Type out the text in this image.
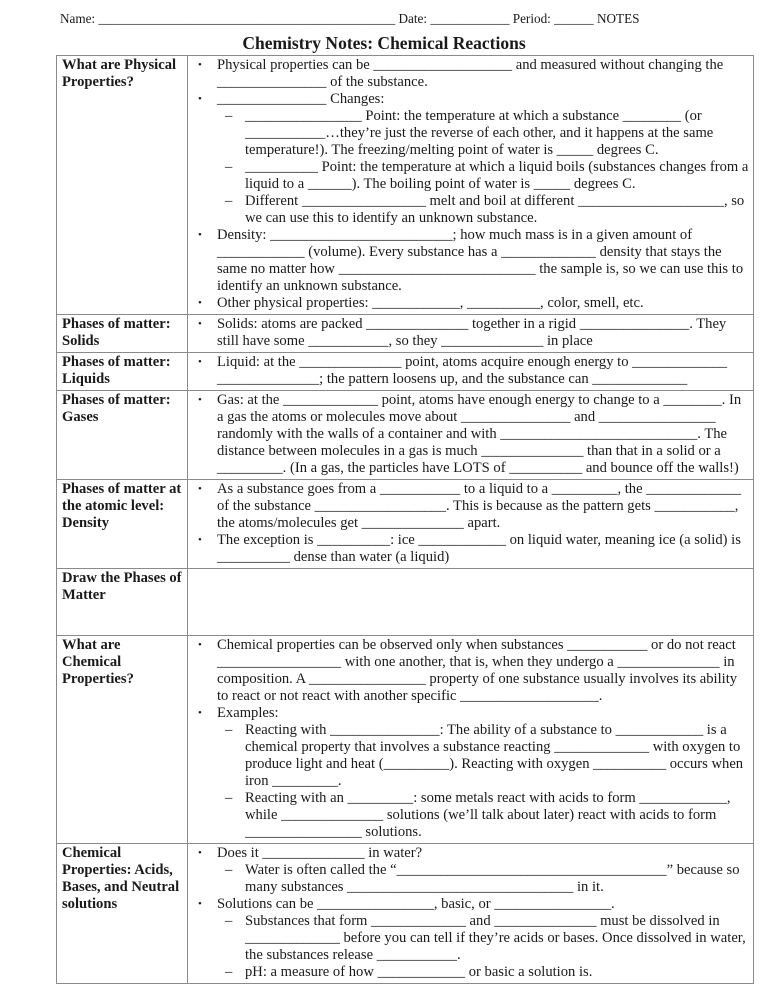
Name: _____________________________________________ Date: ____________ Period: ______ NOTES
Chemistry Notes: Chemical Reactions
What are Physical Properties?	
• Physical properties can be ___________________ and measured without changing the _______________ of the substance.
• _______________ Changes:
– ________________ Point: the temperature at which a substance ________ (or ___________…they’re just the reverse of each other, and it happens at the same temperature!). The freezing/melting point of water is _____ degrees C.
– __________ Point: the temperature at which a liquid boils (substances changes from a liquid to a ______). The boiling point of water is _____ degrees C.
– Different _________________ melt and boil at different ____________________, so we can use this to identify an unknown substance.
• Density: _________________________; how much mass is in a given amount of ____________ (volume). Every substance has a _____________ density that stays the same no matter how ___________________________ the sample is, so we can use this to identify an unknown substance.
• Other physical properties: ____________, __________, color, smell, etc.

Phases of matter: Solids	
• Solids: atoms are packed ______________ together in a rigid _______________. They still have some ___________, so they ______________ in place

Phases of matter: Liquids	
• Liquid: at the ______________ point, atoms acquire enough energy to _____________ ______________; the pattern loosens up, and the substance can _____________

Phases of matter: Gases	
• Gas: at the _____________ point, atoms have enough energy to change to a ________. In a gas the atoms or molecules move about _______________ and ________________ randomly with the walls of a container and with ___________________________. The distance between molecules in a gas is much ______________ than that in a solid or a _________. (In a gas, the particles have LOTS of __________ and bounce off the walls!)

Phases of matter at the atomic level: Density	
• As a substance goes from a ___________ to a liquid to a _________, the _____________ of the substance __________________. This is because as the pattern gets ___________, the atoms/molecules get ______________ apart.
• The exception is __________: ice ____________ on liquid water, meaning ice (a solid) is __________ dense than water (a liquid)

Draw the Phases of Matter	
What are Chemical Properties?	
• Chemical properties can be observed only when substances ___________ or do not react _________________ with one another, that is, when they undergo a ______________ in composition. A ________________ property of one substance usually involves its ability to react or not react with another specific ___________________.
• Examples:
– Reacting with _______________: The ability of a substance to ____________ is a chemical property that involves a substance reacting _____________ with oxygen to produce light and heat (_________). Reacting with oxygen __________ occurs when iron _________.
– Reacting with an _________: some metals react with acids to form ____________, while ______________ solutions (we’ll talk about later) react with acids to form ________________ solutions.

Chemical Properties: Acids, Bases, and Neutral solutions	
• Does it ______________ in water?
– Water is often called the “_____________________________________” because so many substances _______________________________ in it.
• Solutions can be ________________, basic, or ________________.
– Substances that form _____________ and ______________ must be dissolved in _____________ before you can tell if they’re acids or bases. Once dissolved in water, the substances release ___________.
– pH: a measure of how ____________ or basic a solution is.
